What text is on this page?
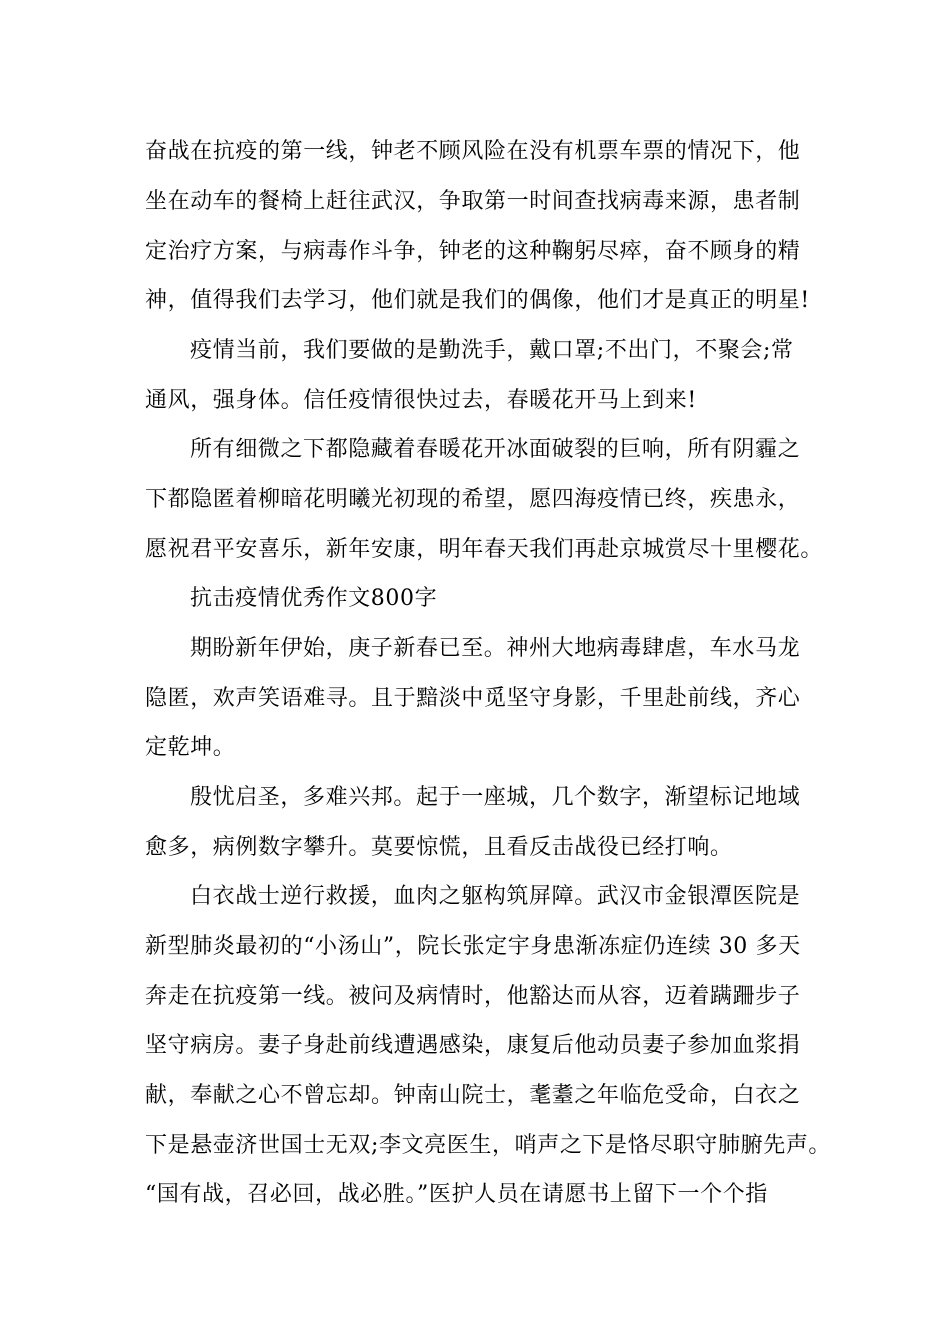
奋战在抗疫的第一线，钟老不顾风险在没有机票车票的情况下，他
坐在动车的餐椅上赶往武汉，争取第一时间查找病毒来源，患者制
定治疗方案，与病毒作斗争，钟老的这种鞠躬尽瘁，奋不顾身的精
神，值得我们去学习，他们就是我们的偶像，他们才是真正的明星!
疫情当前，我们要做的是勤洗手，戴口罩;不出门，不聚会;常
通风，强身体。信任疫情很快过去，春暖花开马上到来!
所有细微之下都隐藏着春暖花开冰面破裂的巨响，所有阴霾之
下都隐匿着柳暗花明曦光初现的希望，愿四海疫情已终，疾患永，
愿祝君平安喜乐，新年安康，明年春天我们再赴京城赏尽十里樱花。
抗击疫情优秀作文800字
期盼新年伊始，庚子新春已至。神州大地病毒肆虐，车水马龙
隐匿，欢声笑语难寻。且于黯淡中觅坚守身影，千里赴前线，齐心
定乾坤。
殷忧启圣，多难兴邦。起于一座城，几个数字，渐望标记地域
愈多，病例数字攀升。莫要惊慌，且看反击战役已经打响。
白衣战士逆行救援，血肉之躯构筑屏障。武汉市金银潭医院是
新型肺炎最初的“小汤山”，院长张定宇身患渐冻症仍连续 30 多天
奔走在抗疫第一线。被问及病情时，他豁达而从容，迈着蹒跚步子
坚守病房。妻子身赴前线遭遇感染，康复后他动员妻子参加血浆捐
献，奉献之心不曾忘却。钟南山院士，耄耋之年临危受命，白衣之
下是悬壶济世国士无双;李文亮医生，哨声之下是恪尽职守肺腑先声。
“国有战，召必回，战必胜。”医护人员在请愿书上留下一个个指
